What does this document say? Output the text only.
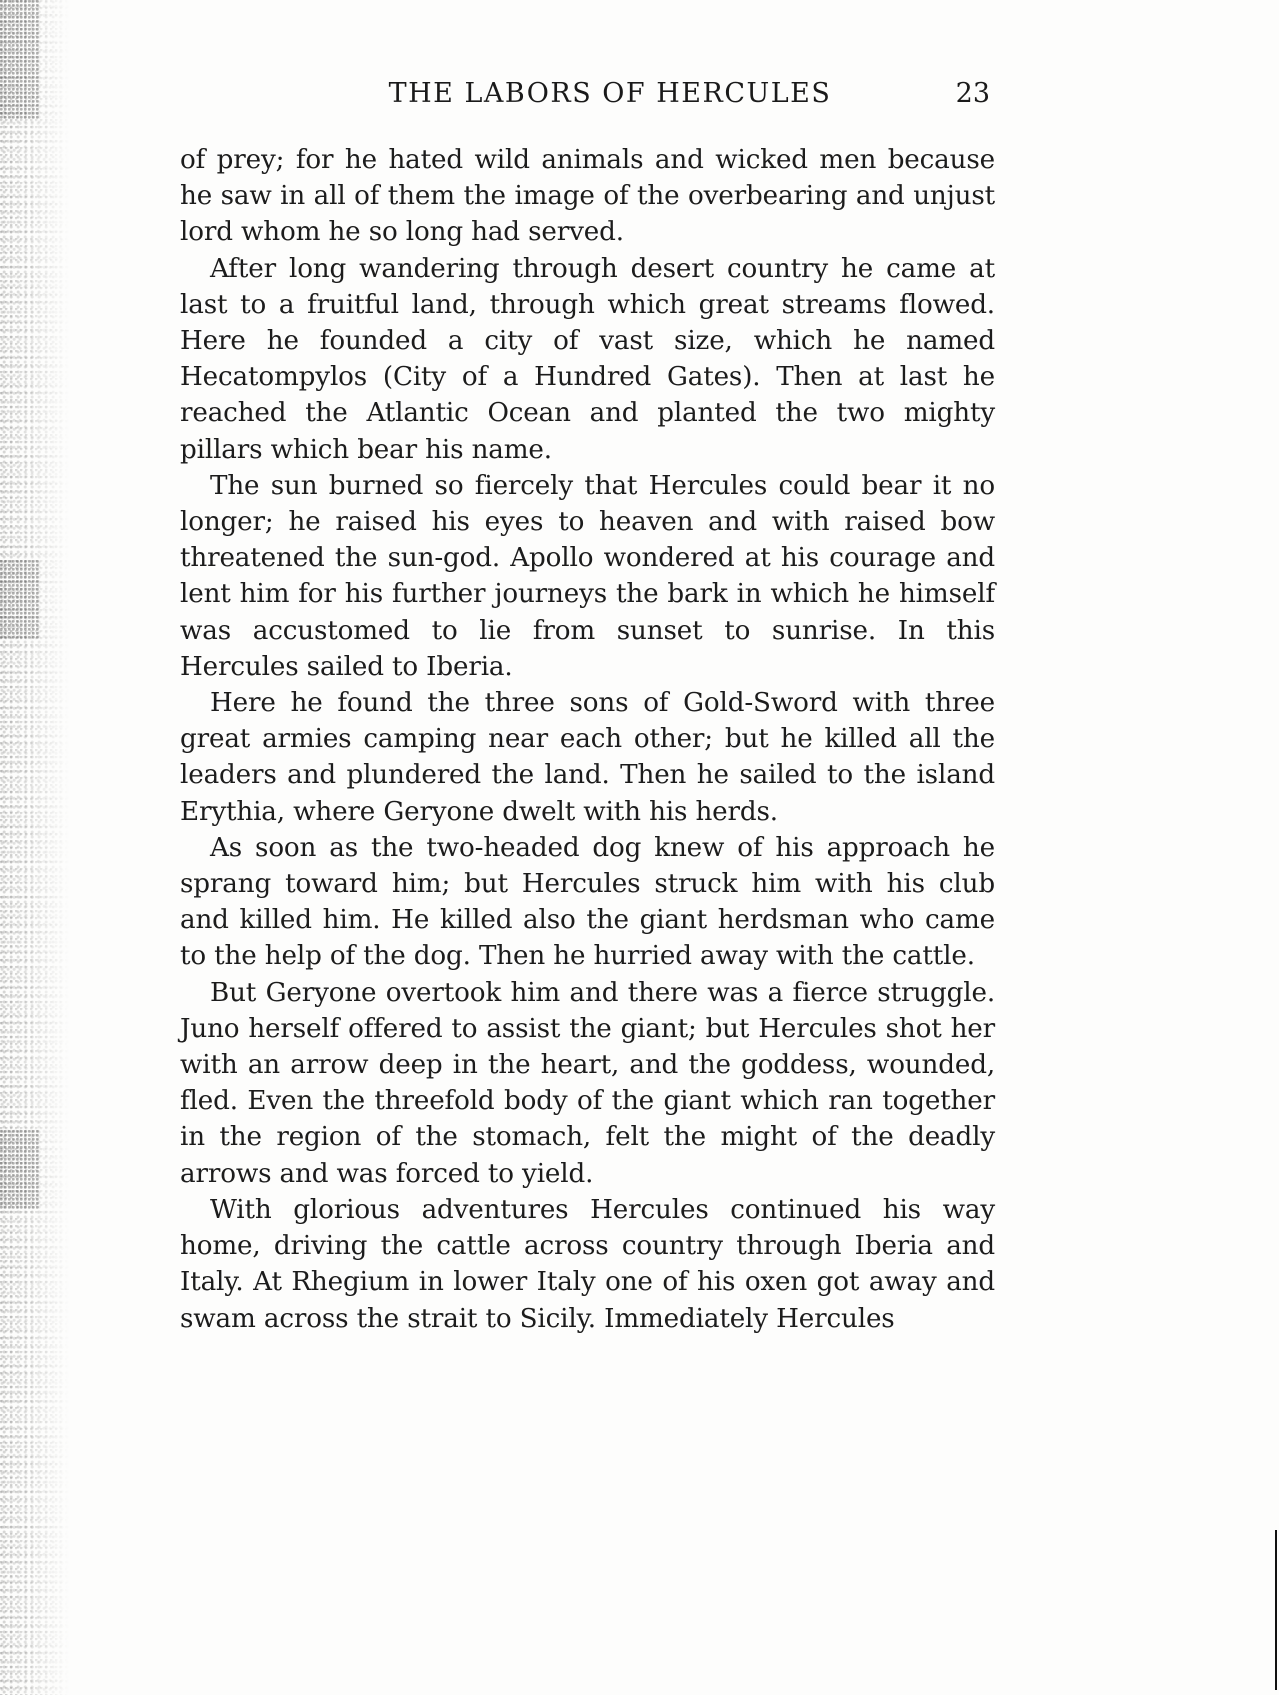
THE LABORS OF HERCULES	23

of prey; for he hated wild animals and wicked men because he saw in all of them the image of the overbearing and unjust lord whom he so long had served.

After long wandering through desert country he came at last to a fruitful land, through which great streams flowed. Here he founded a city of vast size, which he named Hecatompylos (City of a Hundred Gates). Then at last he reached the Atlantic Ocean and planted the two mighty pillars which bear his name.

The sun burned so fiercely that Hercules could bear it no longer; he raised his eyes to heaven and with raised bow threatened the sun-god. Apollo wondered at his courage and lent him for his further journeys the bark in which he himself was accustomed to lie from sunset to sunrise. In this Hercules sailed to Iberia.

Here he found the three sons of Gold-Sword with three great armies camping near each other; but he killed all the leaders and plundered the land. Then he sailed to the island Erythia, where Geryone dwelt with his herds.

As soon as the two-headed dog knew of his approach he sprang toward him; but Hercules struck him with his club and killed him. He killed also the giant herdsman who came to the help of the dog. Then he hurried away with the cattle.

But Geryone overtook him and there was a fierce struggle. Juno herself offered to assist the giant; but Hercules shot her with an arrow deep in the heart, and the goddess, wounded, fled. Even the threefold body of the giant which ran together in the region of the stomach, felt the might of the deadly arrows and was forced to yield.

With glorious adventures Hercules continued his way home, driving the cattle across country through Iberia and Italy. At Rhegium in lower Italy one of his oxen got away and swam across the strait to Sicily. Immediately Hercules
